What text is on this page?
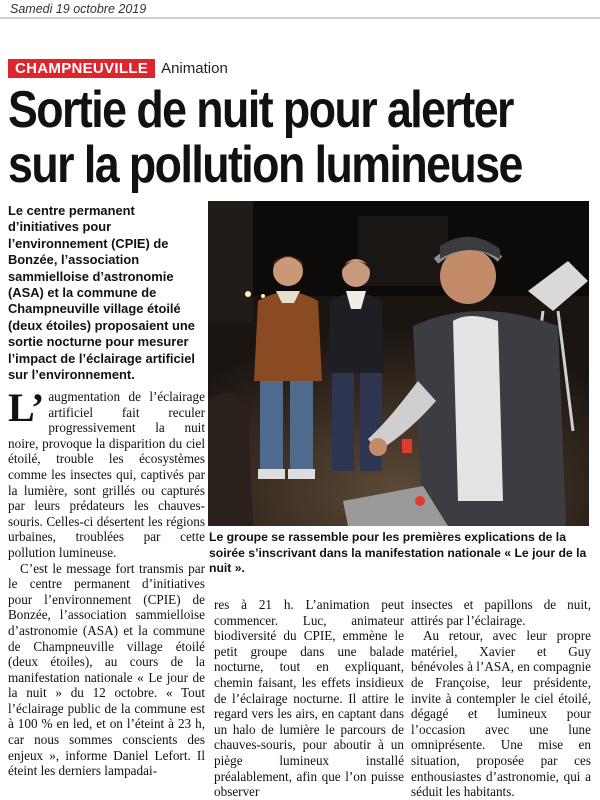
Samedi 19 octobre 2019
CHAMPNEUVILLE Animation
Sortie de nuit pour alerter
sur la pollution lumineuse
Le centre permanent d’initiatives pour l’environnement (CPIE) de Bonzée, l’association sammielloise d’astronomie (ASA) et la commune de Champneuville village étoilé (deux étoiles) proposaient une sortie nocturne pour mesurer l’impact de l’éclairage artificiel sur l’environnement.
Le groupe se rassemble pour les premières explications de la soirée s’inscrivant dans la manifestation nationale « Le jour de la nuit ».

L’ augmentation de l’éclairage artificiel fait reculer progressivement la nuit noire, provoque la disparition du ciel étoilé, trouble les écosystèmes comme les insectes qui, captivés par la lumière, sont grillés ou capturés par leurs prédateurs les chauves-souris. Celles-ci désertent les régions urbaines, troublées par cette pollution lumineuse.

C’est le message fort transmis par le centre permanent d’initiatives pour l’environnement (CPIE) de Bonzée, l’association sammielloise d’astronomie (ASA) et la commune de Champneuville village étoilé (deux étoiles), au cours de la manifestation nationale « Le jour de la nuit » du 12 octobre. « Tout l’éclairage public de la commune est à 100 % en led, et on l’éteint à 23 h, car nous sommes conscients des enjeux », informe Daniel Lefort. Il éteint les derniers lampadai-

res à 21 h. L’animation peut commencer. Luc, animateur biodiversité du CPIE, emmène le petit groupe dans une balade nocturne, tout en expliquant, chemin faisant, les effets insidieux de l’éclairage nocturne. Il attire le regard vers les airs, en captant dans un halo de lumière le parcours de chauves-souris, pour aboutir à un piège lumineux installé préalablement, afin que l’on puisse observer

insectes et papillons de nuit, attirés par l’éclairage.

Au retour, avec leur propre matériel, Xavier et Guy bénévoles à l’ASA, en compagnie de Françoise, leur présidente, invite à contempler le ciel étoilé, dégagé et lumineux pour l’occasion avec une lune omniprésente. Une mise en situation, proposée par ces enthousiastes d’astronomie, qui a séduit les habitants.
